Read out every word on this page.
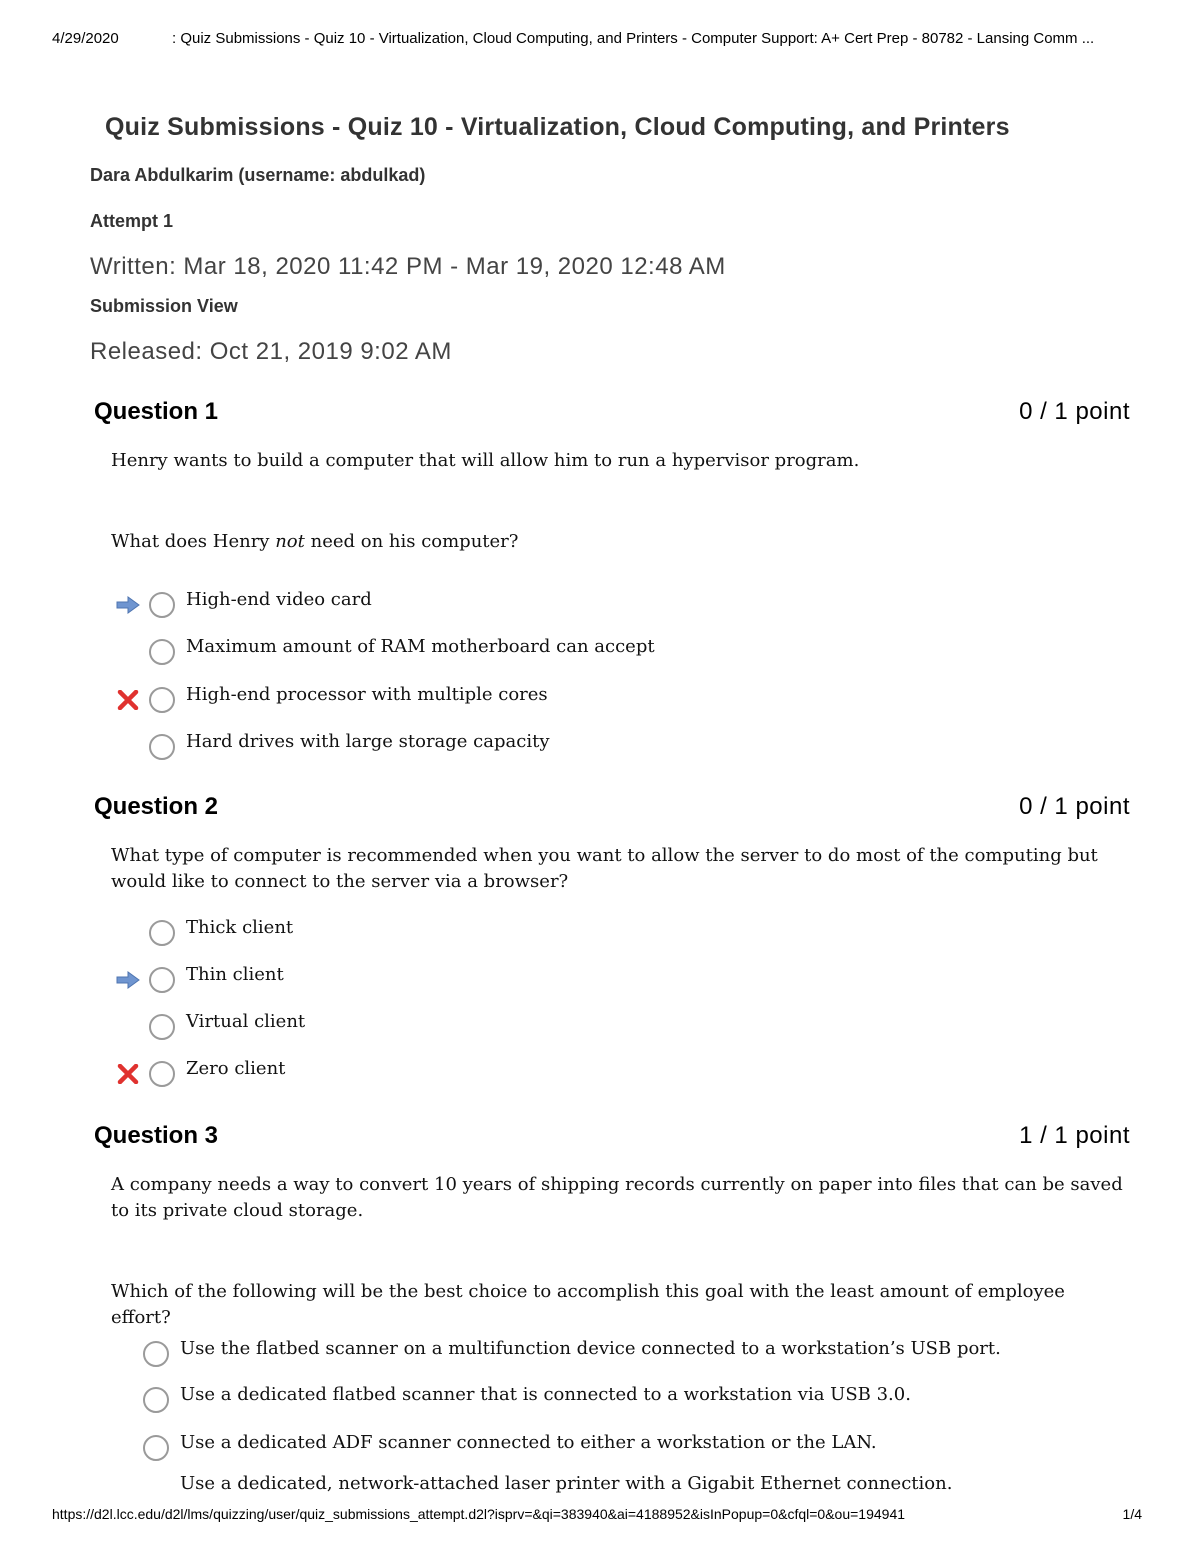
4/29/2020	: Quiz Submissions - Quiz 10 - Virtualization, Cloud Computing, and Printers - Computer Support: A+ Cert Prep - 80782 - Lansing Comm ...
Quiz Submissions - Quiz 10 - Virtualization, Cloud Computing, and Printers
Dara Abdulkarim (username: abdulkad)
Attempt 1
Written: Mar 18, 2020 11:42 PM - Mar 19, 2020 12:48 AM
Submission View
Released: Oct 21, 2019 9:02 AM
Question 1	0 / 1 point
Henry wants to build a computer that will allow him to run a hypervisor program.
What does Henry not need on his computer?
High-end video card
Maximum amount of RAM motherboard can accept
High-end processor with multiple cores
Hard drives with large storage capacity
Question 2	0 / 1 point
What type of computer is recommended when you want to allow the server to do most of the computing but would like to connect to the server via a browser?
Thick client
Thin client
Virtual client
Zero client
Question 3	1 / 1 point
A company needs a way to convert 10 years of shipping records currently on paper into files that can be saved to its private cloud storage.
Which of the following will be the best choice to accomplish this goal with the least amount of employee effort?
Use the flatbed scanner on a multifunction device connected to a workstation’s USB port.
Use a dedicated flatbed scanner that is connected to a workstation via USB 3.0.
Use a dedicated ADF scanner connected to either a workstation or the LAN.
Use a dedicated, network-attached laser printer with a Gigabit Ethernet connection.
https://d2l.lcc.edu/d2l/lms/quizzing/user/quiz_submissions_attempt.d2l?isprv=&qi=383940&ai=4188952&isInPopup=0&cfql=0&ou=194941	1/4
